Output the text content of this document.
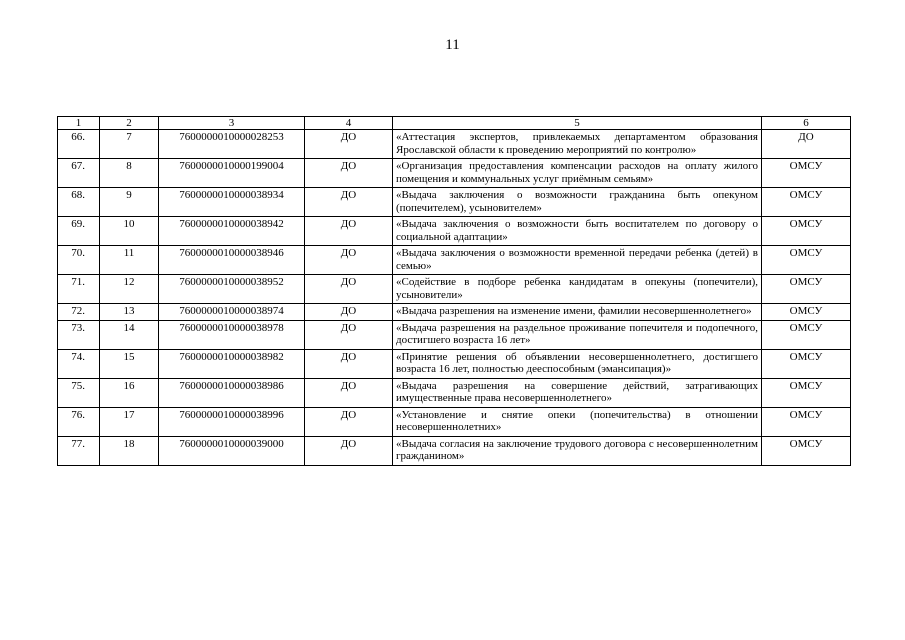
11
1	2	3	4	5	6
66.	7	7600000010000028253	ДО	«Аттестация экспертов, привлекаемых департаментом образования Ярославской области к проведению мероприятий по контролю»	ДО
67.	8	7600000010000199004	ДО	«Организация предоставления компенсации расходов на оплату жилого помещения и коммунальных услуг приёмным семьям»	ОМСУ
68.	9	7600000010000038934	ДО	«Выдача заключения о возможности гражданина быть опекуном (попечителем), усыновителем»	ОМСУ
69.	10	7600000010000038942	ДО	«Выдача заключения о возможности быть воспитателем по договору о социальной адаптации»	ОМСУ
70.	11	7600000010000038946	ДО	«Выдача заключения о возможности временной передачи ребенка (детей) в семью»	ОМСУ
71.	12	7600000010000038952	ДО	«Содействие в подборе ребенка кандидатам в опекуны (попечители), усыновители»	ОМСУ
72.	13	7600000010000038974	ДО	«Выдача разрешения на изменение имени, фамилии несовершеннолетнего»	ОМСУ
73.	14	7600000010000038978	ДО	«Выдача разрешения на раздельное проживание попечителя и подопечного, достигшего возраста 16 лет»	ОМСУ
74.	15	7600000010000038982	ДО	«Принятие решения об объявлении несовершеннолетнего, достигшего возраста 16 лет, полностью дееспособным (эмансипация)»	ОМСУ
75.	16	7600000010000038986	ДО	«Выдача разрешения на совершение действий, затрагивающих имущественные права несовершеннолетнего»	ОМСУ
76.	17	7600000010000038996	ДО	«Установление и снятие опеки (попечительства) в отношении несовершеннолетних»	ОМСУ
77.	18	7600000010000039000	ДО	«Выдача согласия на заключение трудового договора с несовершеннолетним гражданином»	ОМСУ
